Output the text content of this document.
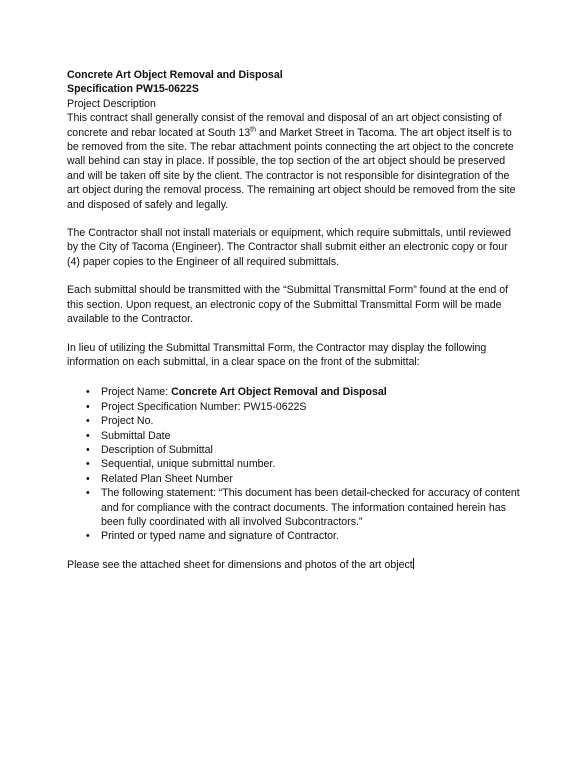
Concrete Art Object Removal and Disposal

Specification PW15-0622S

Project Description

This contract shall generally consist of the removal and disposal of an art object consisting of concrete and rebar located at South 13th and Market Street in Tacoma. The art object itself is to be removed from the site. The rebar attachment points connecting the art object to the concrete wall behind can stay in place. If possible, the top section of the art object should be preserved and will be taken off site by the client. The contractor is not responsible for disintegration of the art object during the removal process. The remaining art object should be removed from the site and disposed of safely and legally.

The Contractor shall not install materials or equipment, which require submittals, until reviewed by the City of Tacoma (Engineer). The Contractor shall submit either an electronic copy or four (4) paper copies to the Engineer of all required submittals.

Each submittal should be transmitted with the “Submittal Transmittal Form” found at the end of this section. Upon request, an electronic copy of the Submittal Transmittal Form will be made available to the Contractor.

In lieu of utilizing the Submittal Transmittal Form, the Contractor may display the following information on each submittal, in a clear space on the front of the submittal:

• Project Name: Concrete Art Object Removal and Disposal
• Project Specification Number: PW15-0622S
• Project No.
• Submittal Date
• Description of Submittal
• Sequential, unique submittal number.
• Related Plan Sheet Number
• The following statement: “This document has been detail-checked for accuracy of content and for compliance with the contract documents. The information contained herein has been fully coordinated with all involved Subcontractors.”
• Printed or typed name and signature of Contractor.

Please see the attached sheet for dimensions and photos of the art object
